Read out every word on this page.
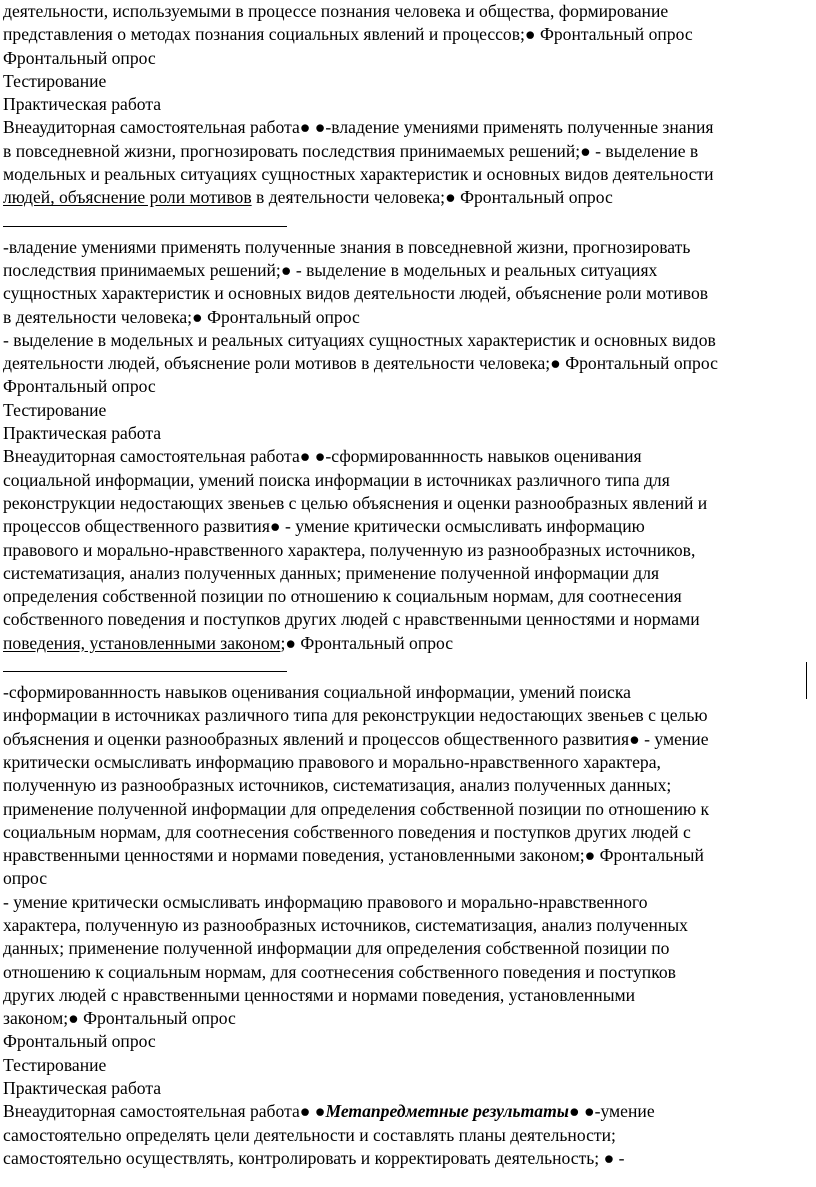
деятельности, используемыми в процессе познания человека и общества, формирование
представления о методах познания социальных явлений и процессов;● Фронтальный опрос
Фронтальный опрос
Тестирование
Практическая работа
Внеаудиторная самостоятельная работа● ●-владение умениями применять полученные знания
в повседневной жизни, прогнозировать последствия принимаемых решений;● - выделение в
модельных и реальных ситуациях сущностных характеристик и основных видов деятельности
людей, объяснение роли мотивов в деятельности человека;● Фронтальный опрос
-владение умениями применять полученные знания в повседневной жизни, прогнозировать
последствия принимаемых решений;● - выделение в модельных и реальных ситуациях
сущностных характеристик и основных видов деятельности людей, объяснение роли мотивов
в деятельности человека;● Фронтальный опрос
- выделение в модельных и реальных ситуациях сущностных характеристик и основных видов
деятельности людей, объяснение роли мотивов в деятельности человека;● Фронтальный опрос
Фронтальный опрос
Тестирование
Практическая работа
Внеаудиторная самостоятельная работа● ●-сформированнность навыков оценивания
социальной информации, умений поиска информации в источниках различного типа для
реконструкции недостающих звеньев с целью объяснения и оценки разнообразных явлений и
процессов общественного развития● - умение критически осмысливать информацию
правового и морально-нравственного характера, полученную из разнообразных источников,
систематизация, анализ полученных данных; применение полученной информации для
определения собственной позиции по отношению к социальным нормам, для соотнесения
собственного поведения и поступков других людей с нравственными ценностями и нормами
поведения, установленными законом;● Фронтальный опрос
-сформированнность навыков оценивания социальной информации, умений поиска
информации в источниках различного типа для реконструкции недостающих звеньев с целью
объяснения и оценки разнообразных явлений и процессов общественного развития● - умение
критически осмысливать информацию правового и морально-нравственного характера,
полученную из разнообразных источников, систематизация, анализ полученных данных;
применение полученной информации для определения собственной позиции по отношению к
социальным нормам, для соотнесения собственного поведения и поступков других людей с
нравственными ценностями и нормами поведения, установленными законом;● Фронтальный
опрос
- умение критически осмысливать информацию правового и морально-нравственного
характера, полученную из разнообразных источников, систематизация, анализ полученных
данных; применение полученной информации для определения собственной позиции по
отношению к социальным нормам, для соотнесения собственного поведения и поступков
других людей с нравственными ценностями и нормами поведения, установленными
законом;● Фронтальный опрос
Фронтальный опрос
Тестирование
Практическая работа
Внеаудиторная самостоятельная работа● ●Метапредметные результаты● ●-умение
самостоятельно определять цели деятельности и составлять планы деятельности;
самостоятельно осуществлять, контролировать и корректировать деятельность; ● -
